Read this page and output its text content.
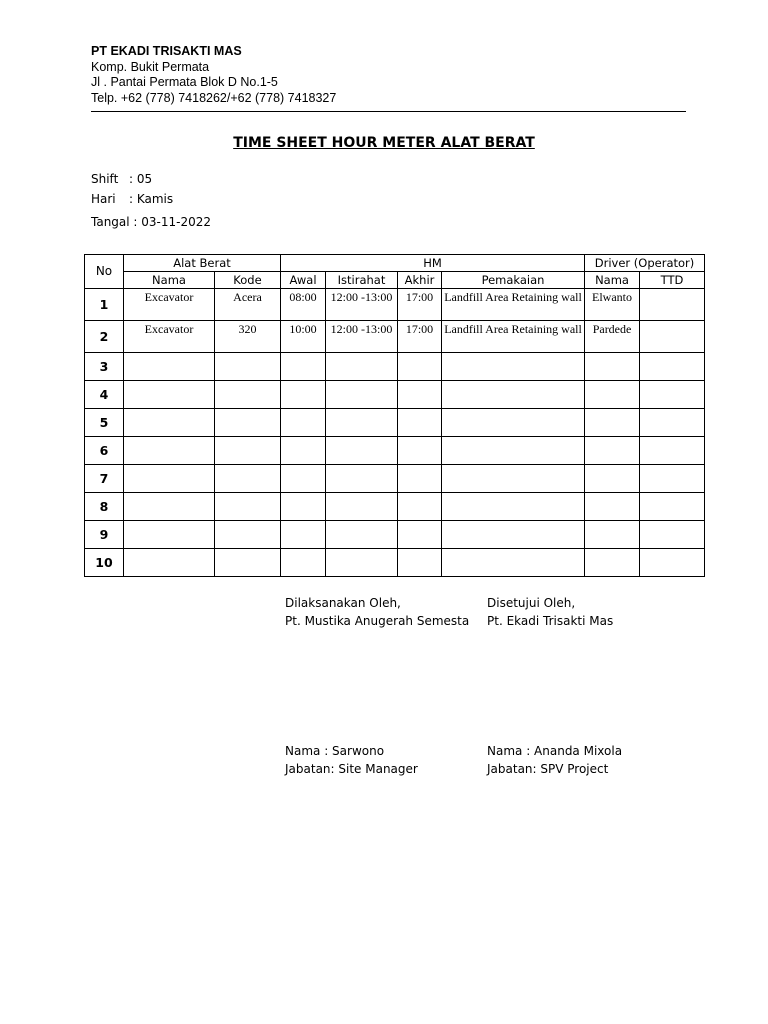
PT EKADI TRISAKTI MAS
Komp. Bukit Permata
Jl . Pantai Permata Blok D No.1-5
Telp. +62 (778) 7418262/+62 (778) 7418327
TIME SHEET HOUR METER ALAT BERAT
Shift : 05
Hari : Kamis
Tangal : 03-11-2022
No	Alat Berat		HM				Driver (Operator)	
	Nama	Kode	Awal	Istirahat	Akhir	Pemakaian	Nama	TTD
1	Excavator	Acera	08:00	12:00 -13:00	17:00	Landfill Area Retaining wall	Elwanto	
2	Excavator	320	10:00	12:00 -13:00	17:00	Landfill Area Retaining wall	Pardede	
3								
4								
5								
6								
7								
8								
9								
10								
Dilaksanakan Oleh,
Pt. Mustika Anugerah Semesta
Disetujui Oleh,
Pt. Ekadi Trisakti Mas
Nama : Sarwono
Jabatan: Site Manager
Nama : Ananda Mixola
Jabatan: SPV Project
